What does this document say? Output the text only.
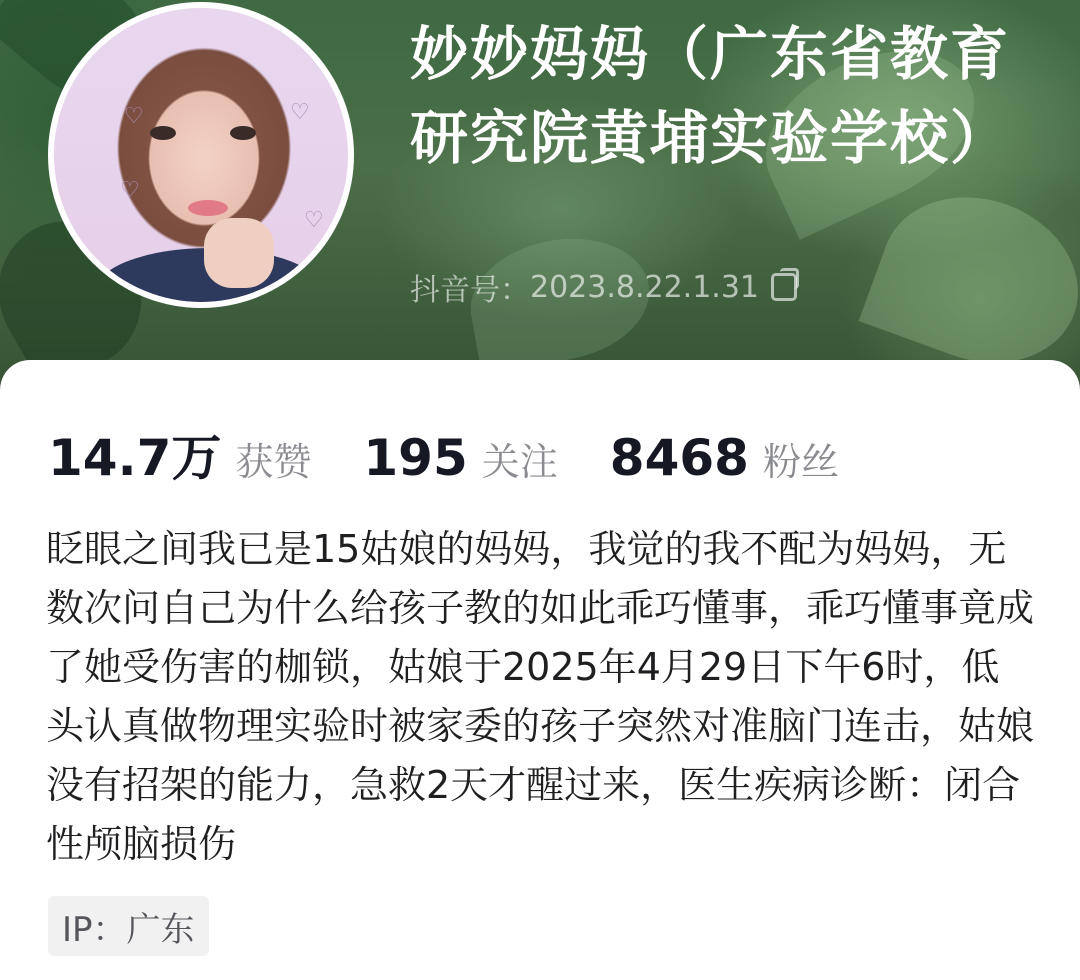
♡	♡
♡
♡
妙妙妈妈（广东省教育研究院黄埔实验学校）
抖音号： 2023.8.22.1.31
14.7万 获赞 195 关注 8468 粉丝

眨眼之间我已是15姑娘的妈妈，我觉的我不配为妈妈，无数次问自己为什么给孩子教的如此乖巧懂事，乖巧懂事竟成了她受伤害的枷锁，姑娘于2025年4月29日下午6时，低头认真做物理实验时被家委的孩子突然对准脑门连击，姑娘没有招架的能力，急救2天才醒过来，医生疾病诊断：闭合性颅脑损伤

IP：广东
